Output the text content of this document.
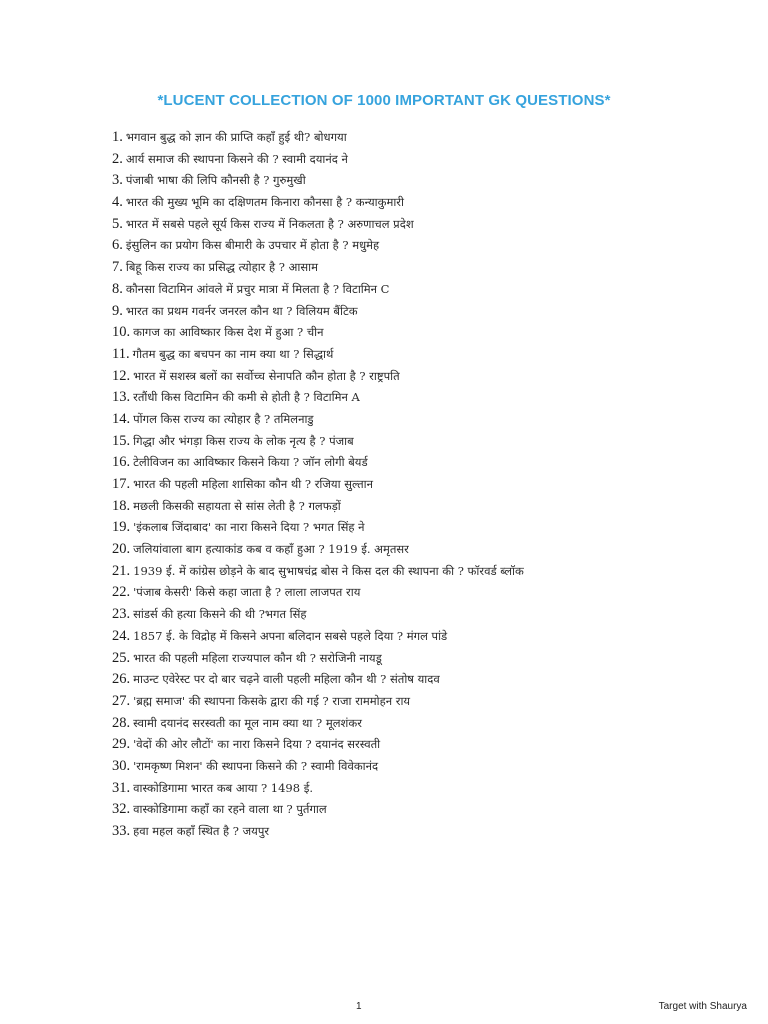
*LUCENT COLLECTION OF 1000 IMPORTANT GK QUESTIONS*
1. भगवान बुद्ध को ज्ञान की प्राप्ति कहाँ हुई थी? बोधगया
2. आर्य समाज की स्थापना किसने की ? स्वामी दयानंद ने
3. पंजाबी भाषा की लिपि कौनसी है ? गुरुमुखी
4. भारत की मुख्य भूमि का दक्षिणतम किनारा कौनसा है ? कन्याकुमारी
5. भारत में सबसे पहले सूर्य किस राज्य में निकलता है ? अरुणाचल प्रदेश
6. इंसुलिन का प्रयोग किस बीमारी के उपचार में होता है ? मधुमेह
7. बिहू किस राज्य का प्रसिद्ध त्योहार है ? आसाम
8. कौनसा विटामिन आंवले में प्रचुर मात्रा में मिलता है ? विटामिन C
9. भारत का प्रथम गवर्नर जनरल कौन था ? विलियम बैंटिक
10. कागज का आविष्कार किस देश में हुआ ? चीन
11. गौतम बुद्ध का बचपन का नाम क्या था ? सिद्धार्थ
12. भारत में सशस्त्र बलों का सर्वोच्च सेनापति कौन होता है ? राष्ट्रपति
13. रतौंधी किस विटामिन की कमी से होती है ? विटामिन A
14. पोंगल किस राज्य का त्योहार है ? तमिलनाडु
15. गिद्धा और भंगड़ा किस राज्य के लोक नृत्य है ? पंजाब
16. टेलीविजन का आविष्कार किसने किया ? जॉन लोगी बेयर्ड
17. भारत की पहली महिला शासिका कौन थी ? रजिया सुल्तान
18. मछली किसकी सहायता से सांस लेती है ? गलफड़ों
19. 'इंकलाब जिंदाबाद' का नारा किसने दिया ? भगत सिंह ने
20. जलियांवाला बाग हत्याकांड कब व कहाँ हुआ ? 1919 ई. अमृतसर
21. 1939 ई. में कांग्रेस छोड़ने के बाद सुभाषचंद्र बोस ने किस दल की स्थापना की ? फॉरवर्ड ब्लॉक
22. 'पंजाब केसरी' किसे कहा जाता है ? लाला लाजपत राय
23. सांडर्स की हत्या किसने की थी ?भगत सिंह
24. 1857 ई. के विद्रोह में किसने अपना बलिदान सबसे पहले दिया ? मंगल पांडे
25. भारत की पहली महिला राज्यपाल कौन थी ? सरोजिनी नायडू
26. माउन्ट एवेरेस्ट पर दो बार चढ़ने वाली पहली महिला कौन थी ? संतोष यादव
27. 'ब्रह्म समाज' की स्थापना किसके द्वारा की गई ? राजा राममोहन राय
28. स्वामी दयानंद सरस्वती का मूल नाम क्या था ? मूलशंकर
29. 'वेदों की ओर लौटों' का नारा किसने दिया ? दयानंद सरस्वती
30. 'रामकृष्ण मिशन' की स्थापना किसने की ? स्वामी विवेकानंद
31. वास्कोडिगामा भारत कब आया ? 1498 ई.
32. वास्कोडिगामा कहाँ का रहने वाला था ? पुर्तगाल
33. हवा महल कहाँ स्थित है ? जयपुर
1	Target with Shaurya
